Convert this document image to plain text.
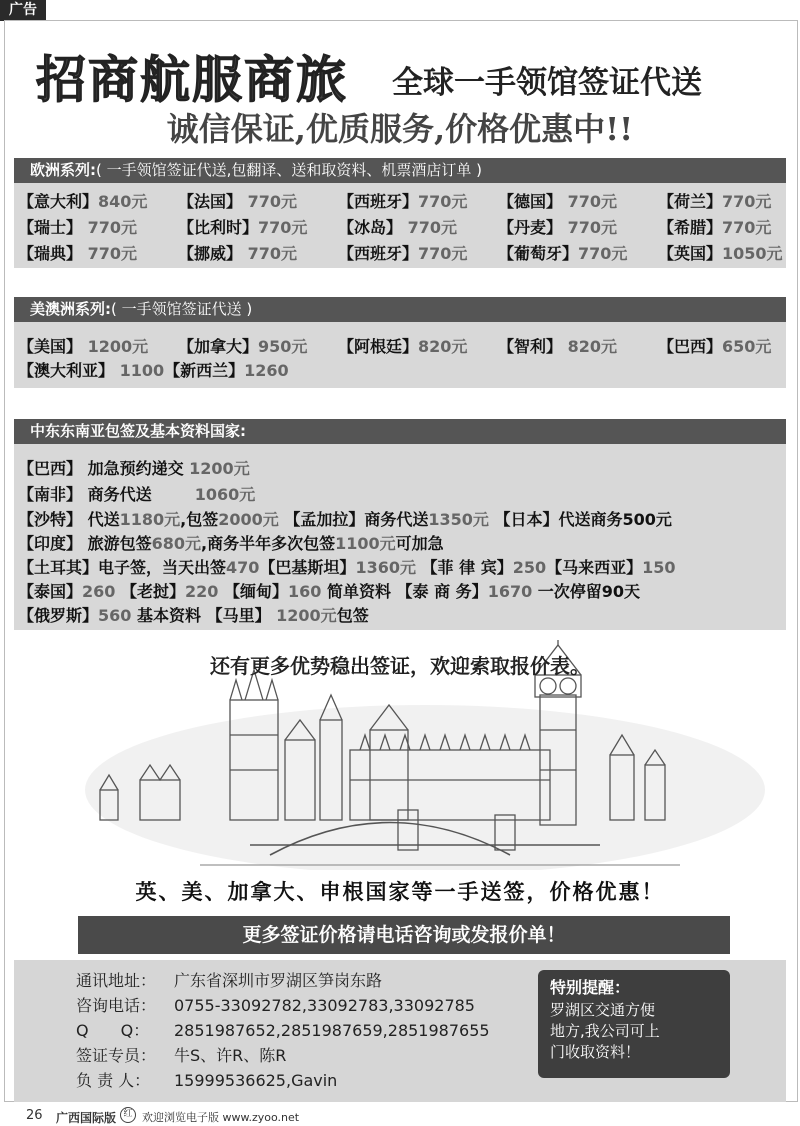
广告
招商航服商旅 全球一手领馆签证代送
诚信保证,优质服务,价格优惠中!!
欧洲系列:( 一手领馆签证代送,包翻译、送和取资料、机票酒店订单 )
【意大利】840元	【法国】 770元	【西班牙】770元	【德国】 770元	【荷兰】770元
【瑞士】 770元	【比利时】770元	【冰岛】 770元	【丹麦】 770元	【希腊】770元
【瑞典】 770元	【挪威】 770元	【西班牙】770元	【葡萄牙】770元	【英国】1050元
美澳洲系列:( 一手领馆签证代送 )
【美国】 1200元	【加拿大】950元	【阿根廷】820元	【智利】 820元	【巴西】650元
【澳大利亚】 1100 【新西兰】1260
中东东南亚包签及基本资料国家:
【巴西】 加急预约递交 1200元
【南非】 商务代送 　　 1060元
【沙特】 代送1180元,包签2000元 【孟加拉】商务代送1350元 【日本】代送商务500元
【印度】 旅游包签680元,商务半年多次包签1100元可加急
【土耳其】电子签，当天出签470【巴基斯坦】1360元 【菲 律 宾】250【马来西亚】150
【泰国】260 【老挝】220 【缅甸】160 简单资料 【泰 商 务】1670 一次停留90天
【俄罗斯】560 基本资料 【马里】 1200元包签
还有更多优势稳出签证，欢迎索取报价表。
英、美、加拿大、申根国家等一手送签，价格优惠！
更多签证价格请电话咨询或发报价单！
通讯地址： 广东省深圳市罗湖区笋岗东路
咨询电话： 0755-33092782,33092783,33092785
Q　　Q： 2851987652,2851987659,2851987655
签证专员： 牛S、许R、陈R
负 责 人： 15999536625,Gavin
特别提醒：
罗湖区交通方便
地方,我公司可上
门收取资料！
26 广西国际版 红 欢迎浏览电子版 www.zyoo.net
